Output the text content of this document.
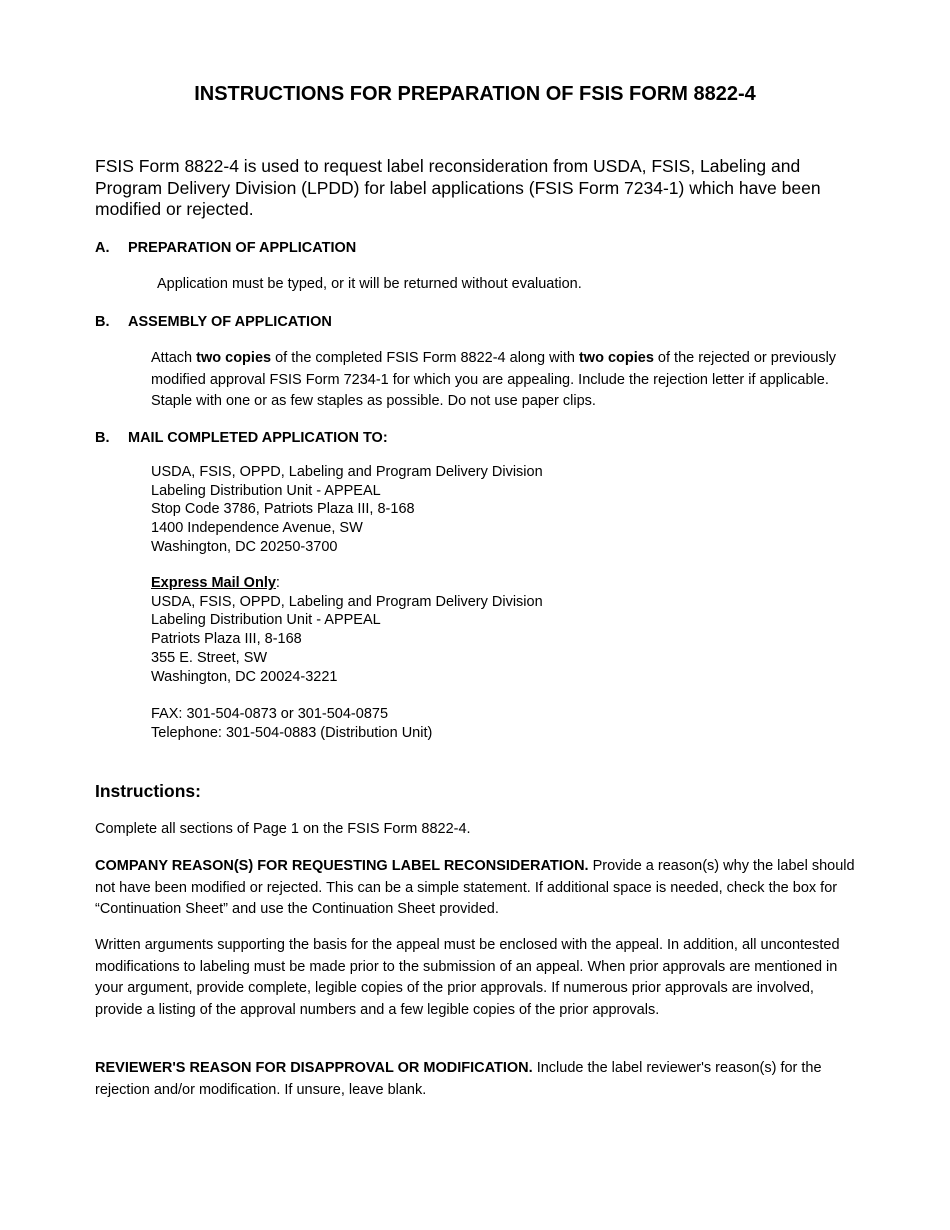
INSTRUCTIONS FOR PREPARATION OF FSIS FORM 8822-4

FSIS Form 8822-4 is used to request label reconsideration from USDA, FSIS, Labeling and Program Delivery Division (LPDD) for label applications (FSIS Form 7234-1) which have been modified or rejected.

A. PREPARATION OF APPLICATION

Application must be typed, or it will be returned without evaluation.

B. ASSEMBLY OF APPLICATION

Attach two copies of the completed FSIS Form 8822-4 along with two copies of the rejected or previously modified approval FSIS Form 7234-1 for which you are appealing. Include the rejection letter if applicable. Staple with one or as few staples as possible. Do not use paper clips.

B. MAIL COMPLETED APPLICATION TO:

USDA, FSIS, OPPD, Labeling and Program Delivery Division
Labeling Distribution Unit - APPEAL
Stop Code 3786, Patriots Plaza III, 8-168
1400 Independence Avenue, SW
Washington, DC 20250-3700
Express Mail Only:
USDA, FSIS, OPPD, Labeling and Program Delivery Division
Labeling Distribution Unit - APPEAL
Patriots Plaza III, 8-168
355 E. Street, SW
Washington, DC 20024-3221
FAX: 301-504-0873 or 301-504-0875
Telephone: 301-504-0883 (Distribution Unit)
Instructions:

Complete all sections of Page 1 on the FSIS Form 8822-4.

COMPANY REASON(S) FOR REQUESTING LABEL RECONSIDERATION. Provide a reason(s) why the label should not have been modified or rejected. This can be a simple statement. If additional space is needed, check the box for “Continuation Sheet” and use the Continuation Sheet provided.

Written arguments supporting the basis for the appeal must be enclosed with the appeal. In addition, all uncontested modifications to labeling must be made prior to the submission of an appeal. When prior approvals are mentioned in your argument, provide complete, legible copies of the prior approvals. If numerous prior approvals are involved, provide a listing of the approval numbers and a few legible copies of the prior approvals.

REVIEWER'S REASON FOR DISAPPROVAL OR MODIFICATION. Include the label reviewer's reason(s) for the rejection and/or modification. If unsure, leave blank.
